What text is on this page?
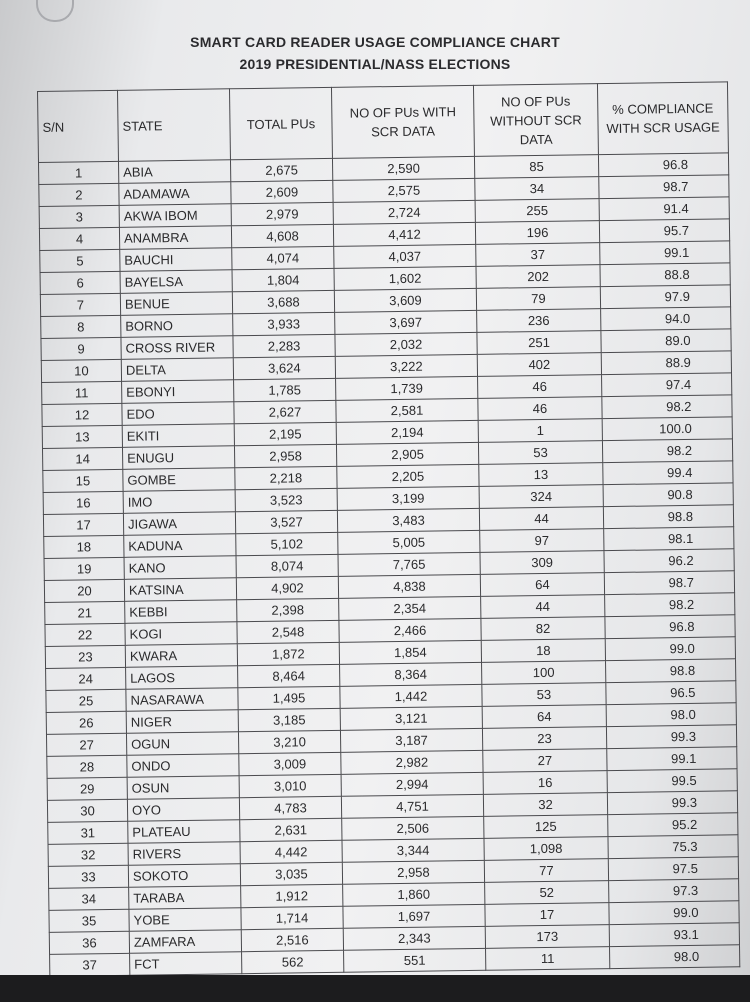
SMART CARD READER USAGE COMPLIANCE CHART
2019 PRESIDENTIAL/NASS ELECTIONS
S/N	STATE	TOTAL PUs	NO OF PUs WITH SCR DATA	NO OF PUs WITHOUT SCR DATA	% COMPLIANCE WITH SCR USAGE

1	ABIA	2,675	2,590	85	96.8
2	ADAMAWA	2,609	2,575	34	98.7
3	AKWA IBOM	2,979	2,724	255	91.4
4	ANAMBRA	4,608	4,412	196	95.7
5	BAUCHI	4,074	4,037	37	99.1
6	BAYELSA	1,804	1,602	202	88.8
7	BENUE	3,688	3,609	79	97.9
8	BORNO	3,933	3,697	236	94.0
9	CROSS RIVER	2,283	2,032	251	89.0
10	DELTA	3,624	3,222	402	88.9
11	EBONYI	1,785	1,739	46	97.4
12	EDO	2,627	2,581	46	98.2
13	EKITI	2,195	2,194	1	100.0
14	ENUGU	2,958	2,905	53	98.2
15	GOMBE	2,218	2,205	13	99.4
16	IMO	3,523	3,199	324	90.8
17	JIGAWA	3,527	3,483	44	98.8
18	KADUNA	5,102	5,005	97	98.1
19	KANO	8,074	7,765	309	96.2
20	KATSINA	4,902	4,838	64	98.7
21	KEBBI	2,398	2,354	44	98.2
22	KOGI	2,548	2,466	82	96.8
23	KWARA	1,872	1,854	18	99.0
24	LAGOS	8,464	8,364	100	98.8
25	NASARAWA	1,495	1,442	53	96.5
26	NIGER	3,185	3,121	64	98.0
27	OGUN	3,210	3,187	23	99.3
28	ONDO	3,009	2,982	27	99.1
29	OSUN	3,010	2,994	16	99.5
30	OYO	4,783	4,751	32	99.3
31	PLATEAU	2,631	2,506	125	95.2
32	RIVERS	4,442	3,344	1,098	75.3
33	SOKOTO	3,035	2,958	77	97.5
34	TARABA	1,912	1,860	52	97.3
35	YOBE	1,714	1,697	17	99.0
36	ZAMFARA	2,516	2,343	173	93.1
37	FCT	562	551	11	98.0
